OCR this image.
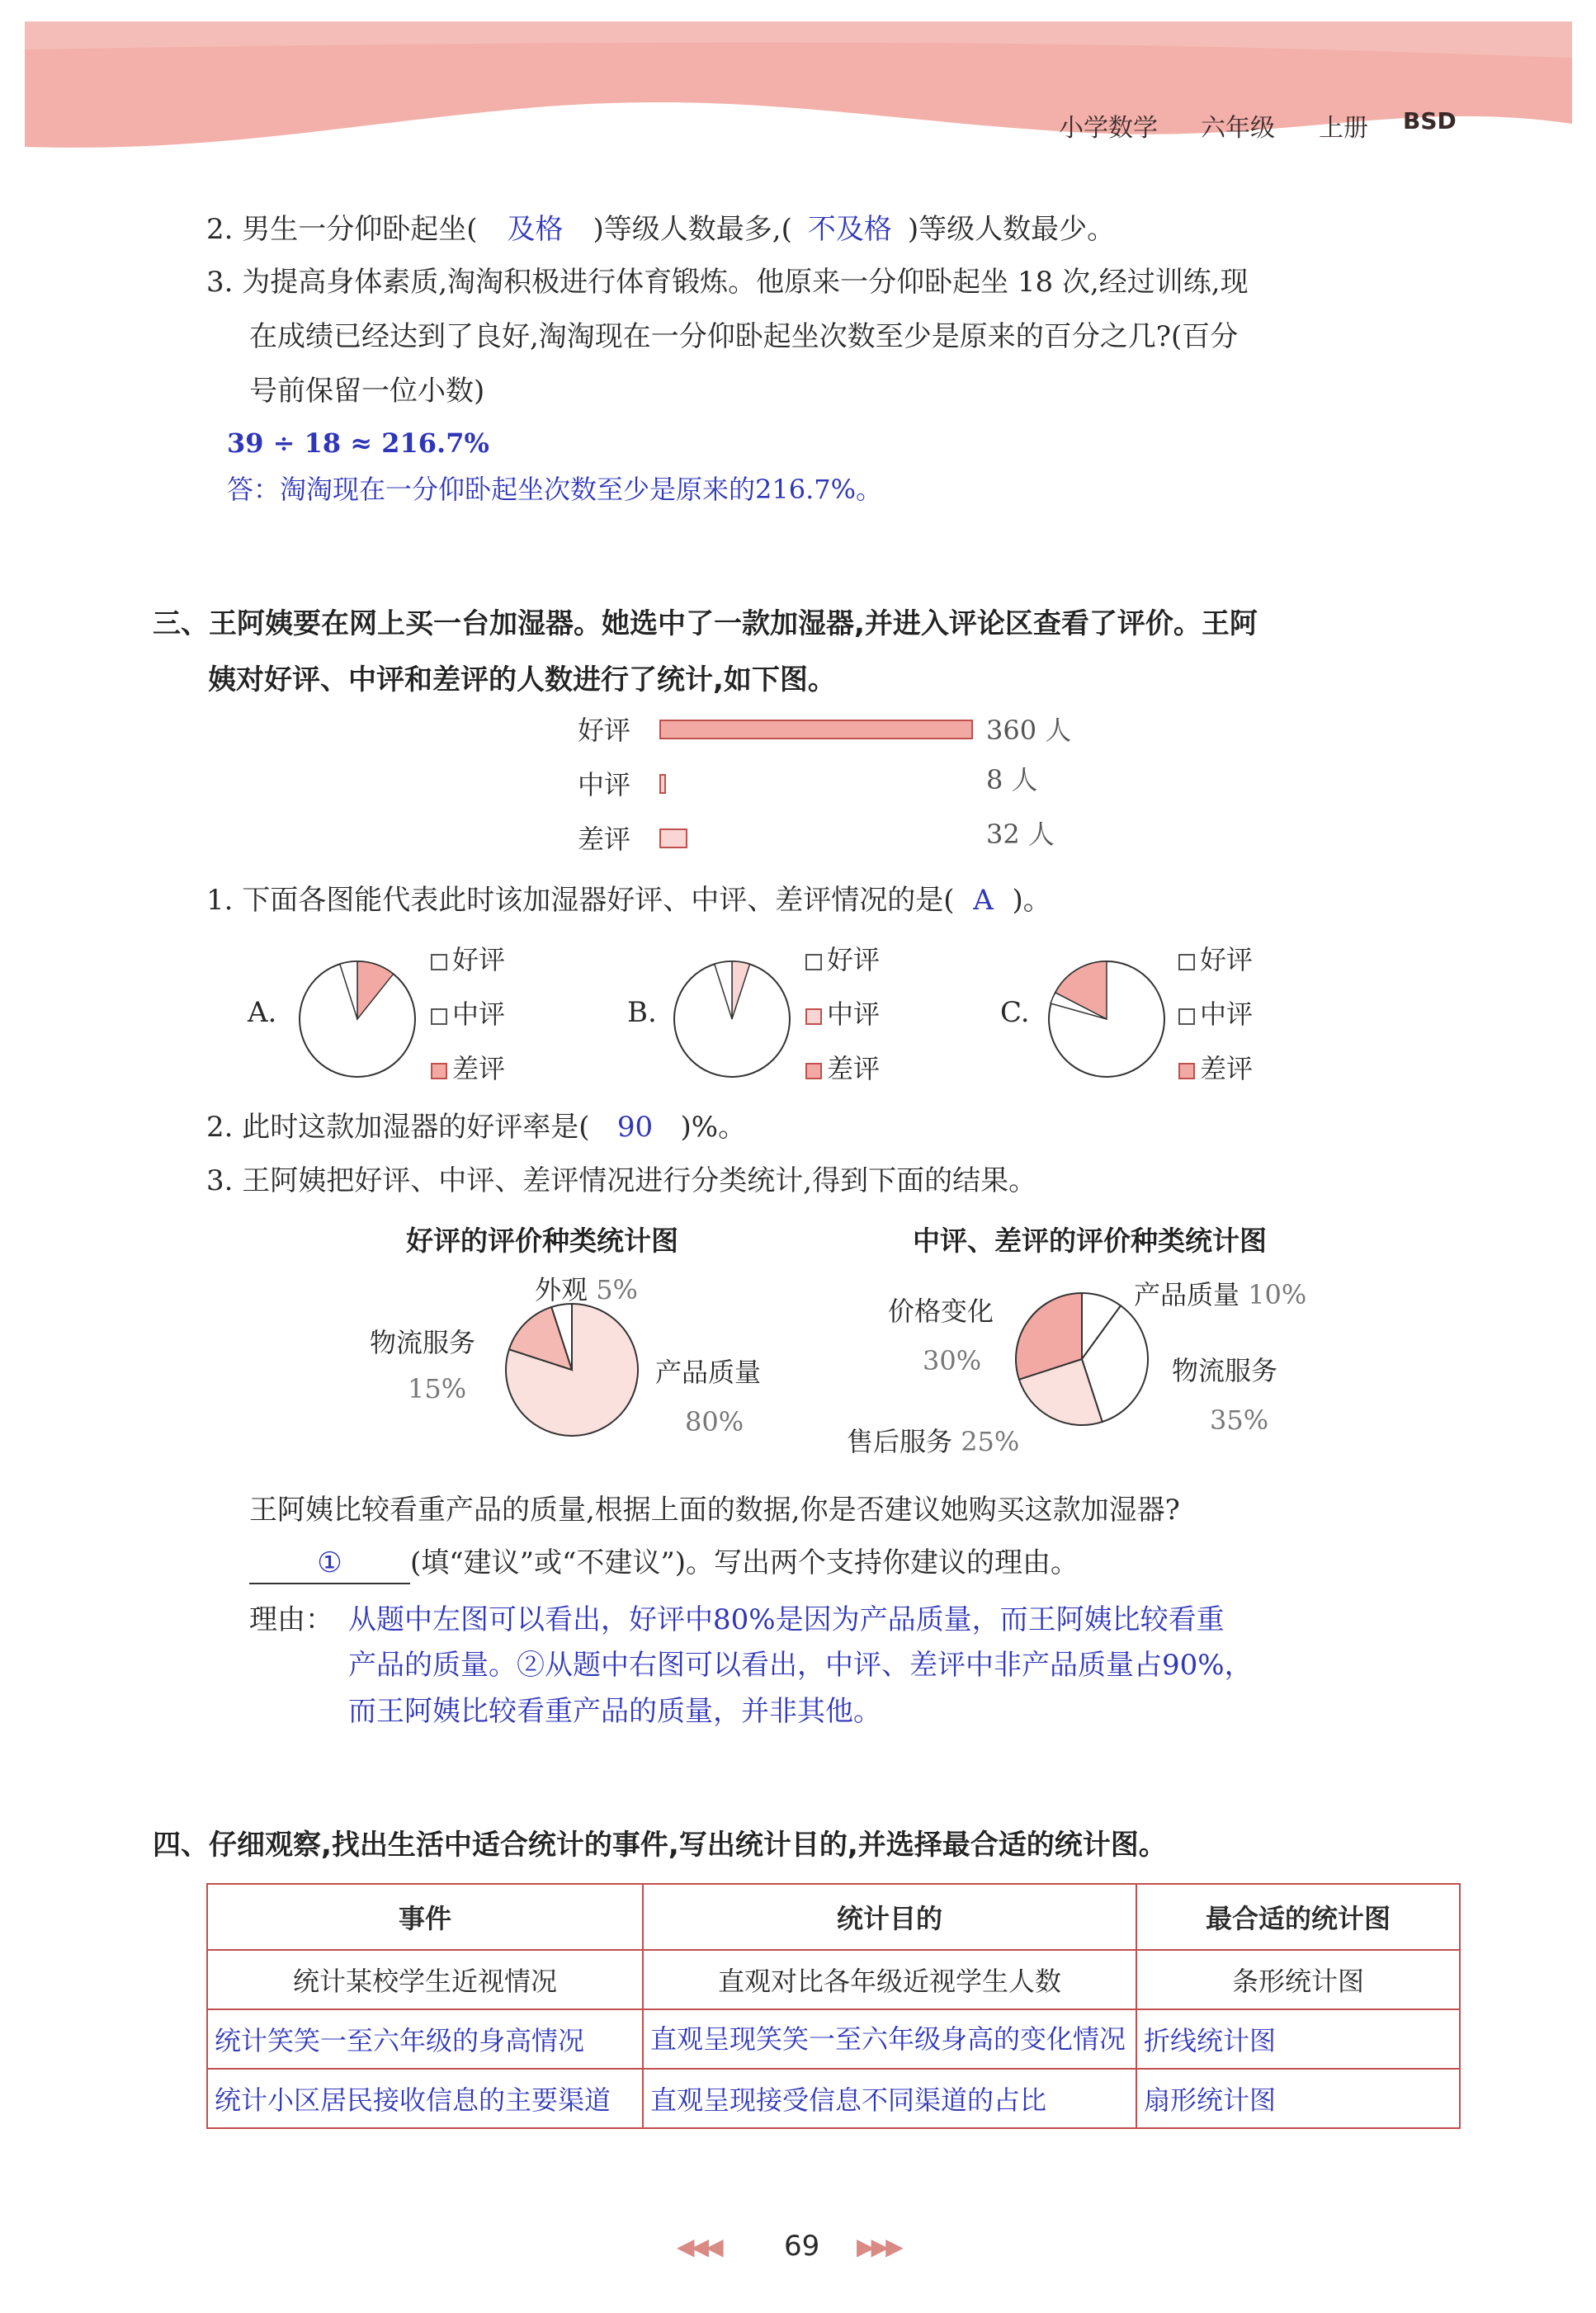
小学数学 六年级 上册 BSD
2. 男生一分仰卧起坐( 及格 )等级人数最多,( 不及格 )等级人数最少。
3. 为提高身体素质,淘淘积极进行体育锻炼。他原来一分仰卧起坐 18 次,经过训练,现
在成绩已经达到了良好,淘淘现在一分仰卧起坐次数至少是原来的百分之几?(百分
号前保留一位小数)
39 ÷ 18 ≈ 216.7%
答：淘淘现在一分仰卧起坐次数至少是原来的216.7%。
三、王阿姨要在网上买一台加湿器。她选中了一款加湿器,并进入评论区查看了评价。王阿
姨对好评、中评和差评的人数进行了统计,如下图。
好评
中评
差评
360 人
8 人
32 人
1. 下面各图能代表此时该加湿器好评、中评、差评情况的是( A )。
A.
好评
中评
差评
B.
好评
中评
差评
C.
好评
中评
差评
2. 此时这款加湿器的好评率是( 90 )%。
3. 王阿姨把好评、中评、差评情况进行分类统计,得到下面的结果。
好评的评价种类统计图	中评、差评的评价种类统计图
外观 5%
物流服务
15%
产品质量
80%
产品质量 10%
价格变化
30%	物流服务
35%
售后服务 25%
王阿姨比较看重产品的质量,根据上面的数据,你是否建议她购买这款加湿器?
① (填“建议”或“不建议”)。写出两个支持你建议的理由。
理由： 从题中左图可以看出，好评中80%是因为产品质量，而王阿姨比较看重
产品的质量。②从题中右图可以看出，中评、差评中非产品质量占90%，
而王阿姨比较看重产品的质量，并非其他。
四、仔细观察,找出生活中适合统计的事件,写出统计目的,并选择最合适的统计图。
事件	统计目的	最合适的统计图
统计某校学生近视情况	直观对比各年级近视学生人数	条形统计图
统计笑笑一至六年级的身高情况	直观呈现笑笑一至六年级身高的变化情况	折线统计图
统计小区居民接收信息的主要渠道	直观呈现接受信息不同渠道的占比	扇形统计图
◀◀◀ 69 ▶▶▶
